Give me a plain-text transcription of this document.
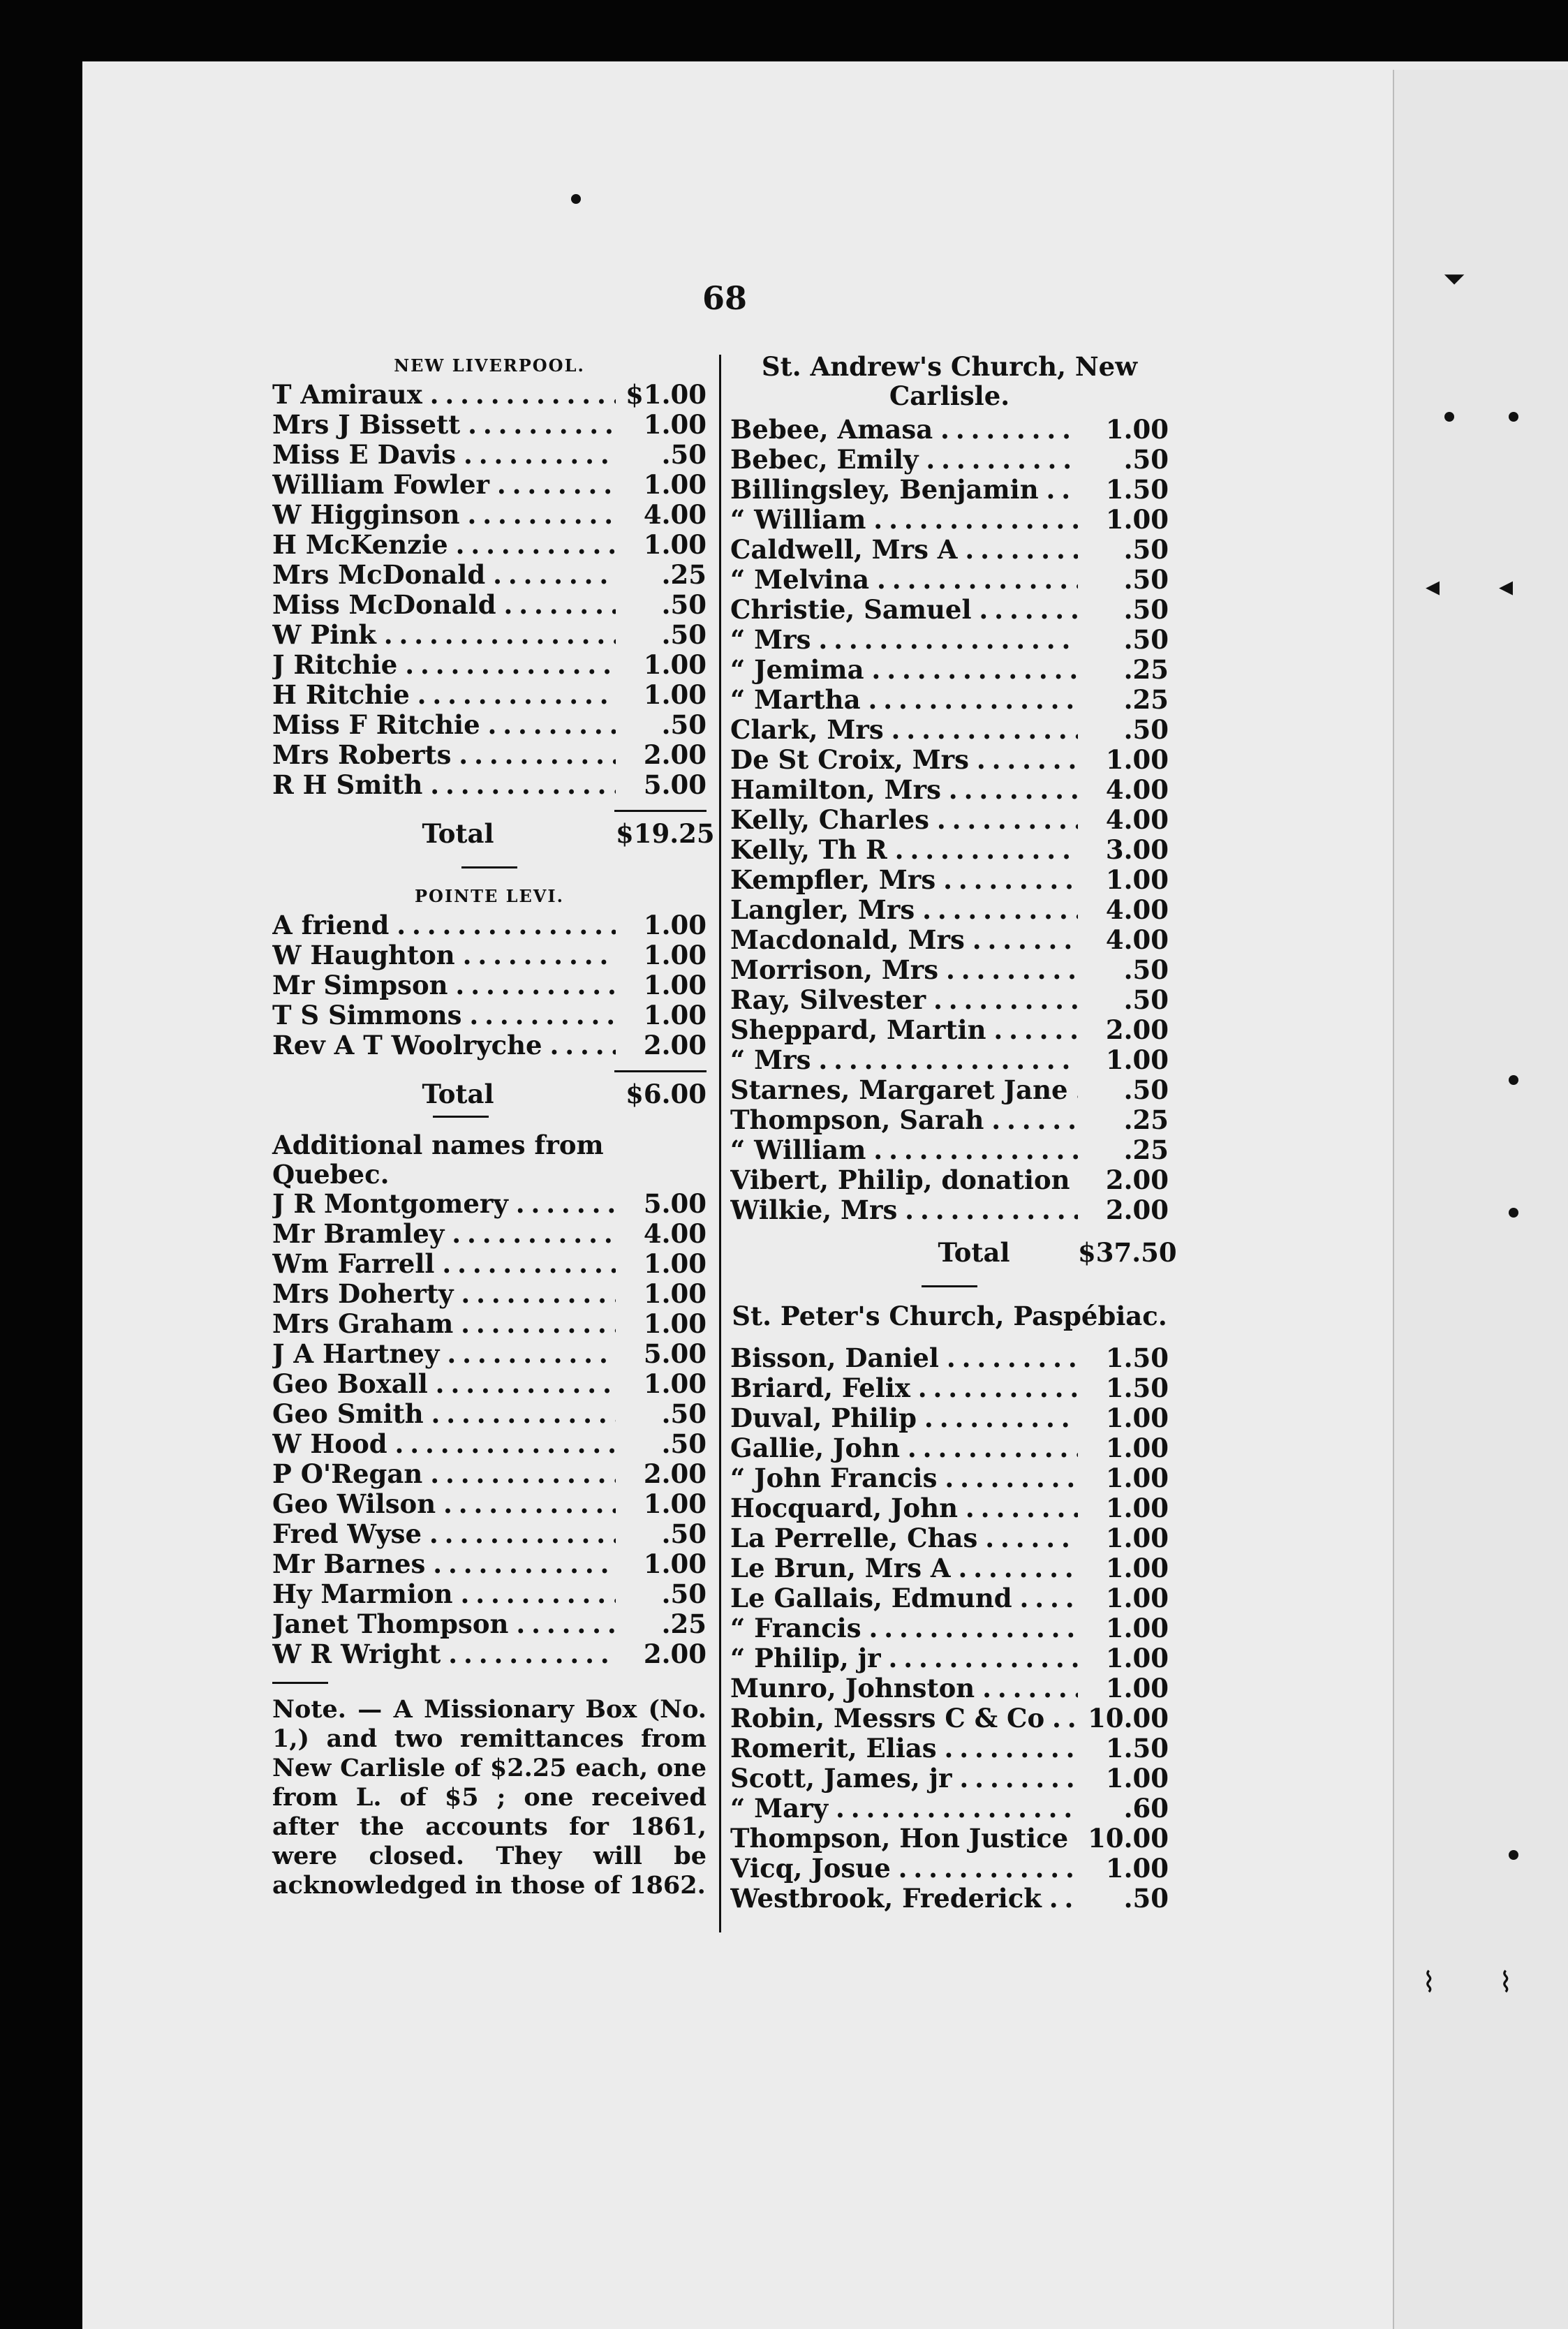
⏷
◂ ◂
⌇ ⌇
68
NEW LIVERPOOL.
T Amiraux . . .	$1.00
Mrs J Bissett . . .	1.00
Miss E Davis . . .	.50
William Fowler . . .	1.00
W Higginson . . .	4.00
H McKenzie . . .	1.00
Mrs McDonald . . .	.25
Miss McDonald . . .	.50
W Pink . . .	.50
J Ritchie . . .	1.00
H Ritchie . . .	1.00
Miss F Ritchie . . .	.50
Mrs Roberts . . .	2.00
R H Smith . . .	5.00
Total	$19.25
POINTE LEVI.
A friend . . .	1.00
W Haughton . . .	1.00
Mr Simpson . . .	1.00
T S Simmons . . .	1.00
Rev A T Woolryche . . .	2.00
Total	$6.00
Additional names from Quebec.
J R Montgomery . . .	5.00
Mr Bramley . . .	4.00
Wm Farrell . . .	1.00
Mrs Doherty . . .	1.00
Mrs Graham . . .	1.00
J A Hartney . . .	5.00
Geo Boxall . . .	1.00
Geo Smith . . .	.50
W Hood . . .	.50
P O'Regan . . .	2.00
Geo Wilson . . .	1.00
Fred Wyse . . .	.50
Mr Barnes . . .	1.00
Hy Marmion . . .	.50
Janet Thompson . . .	.25
W R Wright . . .	2.00
Note. — A Missionary Box (No. 1,) and two remittances from New Carlisle of $2.25 each, one from L. of $5 ; one received after the accounts for 1861, were closed. They will be acknowledged in those of 1862.
St. Andrew's Church, New Carlisle.
Bebee, Amasa . . .	1.00
Bebec, Emily . . .	.50
Billingsley, Benjamin . . .	1.50
“ William . . .	1.00
Caldwell, Mrs A . . .	.50
“ Melvina . . .	.50
Christie, Samuel . . .	.50
“ Mrs . . .	.50
“ Jemima . . .	.25
“ Martha . . .	.25
Clark, Mrs . . .	.50
De St Croix, Mrs . . .	1.00
Hamilton, Mrs . . .	4.00
Kelly, Charles . . .	4.00
Kelly, Th R . . .	3.00
Kempfler, Mrs . . .	1.00
Langler, Mrs . . .	4.00
Macdonald, Mrs . . .	4.00
Morrison, Mrs . . .	.50
Ray, Silvester . . .	.50
Sheppard, Martin . . .	2.00
“ Mrs . . .	1.00
Starnes, Margaret Jane . . .	.50
Thompson, Sarah . . .	.25
“ William . . .	.25
Vibert, Philip, donation . . .	2.00
Wilkie, Mrs . . .	2.00
Total	$37.50
St. Peter's Church, Paspébiac.
Bisson, Daniel . . .	1.50
Briard, Felix . . .	1.50
Duval, Philip . . .	1.00
Gallie, John . . .	1.00
“ John Francis . . .	1.00
Hocquard, John . . .	1.00
La Perrelle, Chas . . .	1.00
Le Brun, Mrs A . . .	1.00
Le Gallais, Edmund . . .	1.00
“ Francis . . .	1.00
“ Philip, jr . . .	1.00
Munro, Johnston . . .	1.00
Robin, Messrs C & Co . . .	10.00
Romerit, Elias . . .	1.50
Scott, James, jr . . .	1.00
“ Mary . . .	.60
Thompson, Hon Justice . . . 10.00
Vicq, Josue . . .	1.00
Westbrook, Frederick . . .	.50
